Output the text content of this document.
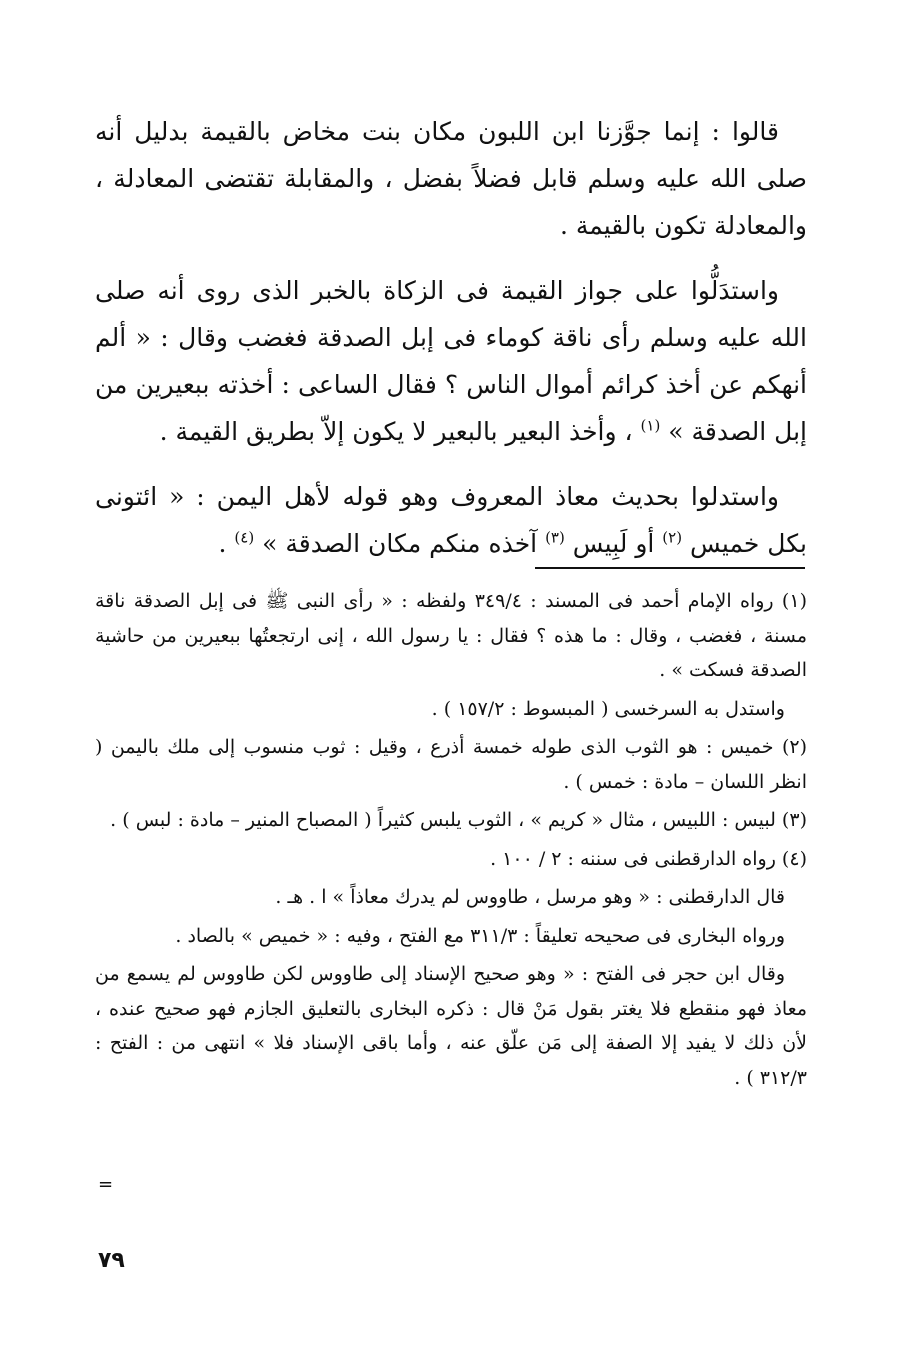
قالوا : إنما جوَّزنا ابن اللبون مكان بنت مخاض بالقيمة بدليل أنه صلى الله عليه وسلم قابل فضلاً بفضل ، والمقابلة تقتضى المعادلة ، والمعادلة تكون بالقيمة .

واستدَلُّوا على جواز القيمة فى الزكاة بالخبر الذى روى أنه صلى الله عليه وسلم رأى ناقة كوماء فى إبل الصدقة فغضب وقال : « ألم أنهكم عن أخذ كرائم أموال الناس ؟ فقال الساعى : أخذته ببعيرين من إبل الصدقة » $^{(١)}$ ، وأخذ البعير بالبعير لا يكون إلاّ بطريق القيمة .

واستدلوا بحديث معاذ المعروف وهو قوله لأهل اليمن : « ائتونى بكل خميس $^{(٢)}$ أو لَبِيس $^{(٣)}$ آخذه منكم مكان الصدقة » $^{(٤)}$ .

(١) رواه الإمام أحمد فى المسند : ٣٤٩/٤ ولفظه : « رأى النبى ﷺ فى إبل الصدقة ناقة مسنة ، فغضب ، وقال : ما هذه ؟ فقال : يا رسول الله ، إنى ارتجعتُها ببعيرين من حاشية الصدقة فسكت » .

واستدل به السرخسى ( المبسوط : ١٥٧/٢ ) .

(٢) خميس : هو الثوب الذى طوله خمسة أذرع ، وقيل : ثوب منسوب إلى ملك باليمن ( انظر اللسان – مادة : خمس ) .

(٣) لبيس : اللبيس ، مثال « كريم » ، الثوب يلبس كثيراً ( المصباح المنير – مادة : لبس ) .

(٤) رواه الدارقطنى فى سننه : ٢ / ١٠٠ .

قال الدارقطنى : « وهو مرسل ، طاووس لم يدرك معاذاً » ا . هـ .

ورواه البخارى فى صحيحه تعليقاً : ٣١١/٣ مع الفتح ، وفيه : « خميص » بالصاد .

وقال ابن حجر فى الفتح : « وهو صحيح الإسناد إلى طاووس لكن طاووس لم يسمع من معاذ فهو منقطع فلا يغتر بقول مَنْ قال : ذكره البخارى بالتعليق الجازم فهو صحيح عنده ، لأن ذلك لا يفيد إلا الصفة إلى مَن علّق عنه ، وأما باقى الإسناد فلا » انتهى من : الفتح : ٣١٢/٣ ) .

=
٧٩
